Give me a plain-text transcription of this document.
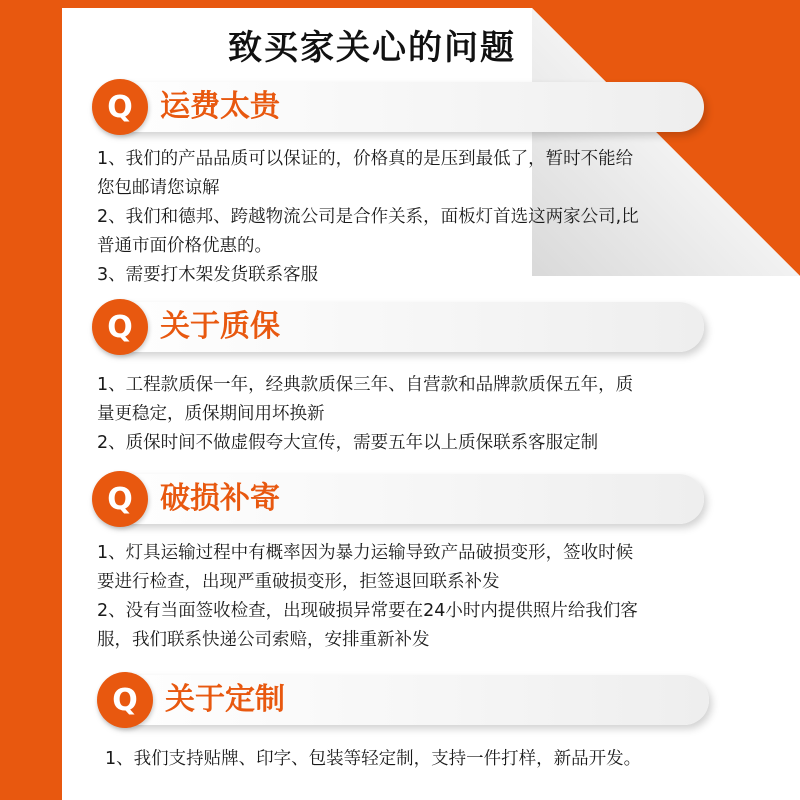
致买家关心的问题
Q 运费太贵

1、我们的产品品质可以保证的，价格真的是压到最低了，暂时不能给

您包邮请您谅解

2、我们和德邦、跨越物流公司是合作关系，面板灯首选这两家公司,比

普通市面价格优惠的。

3、需要打木架发货联系客服

Q 关于质保

1、工程款质保一年，经典款质保三年、自营款和品牌款质保五年，质

量更稳定，质保期间用坏换新

2、质保时间不做虚假夸大宣传，需要五年以上质保联系客服定制

Q 破损补寄

1、灯具运输过程中有概率因为暴力运输导致产品破损变形，签收时候

要进行检查，出现严重破损变形，拒签退回联系补发

2、没有当面签收检查，出现破损异常要在24小时内提供照片给我们客

服，我们联系快递公司索赔，安排重新补发

Q 关于定制

1、我们支持贴牌、印字、包装等轻定制，支持一件打样，新品开发。
